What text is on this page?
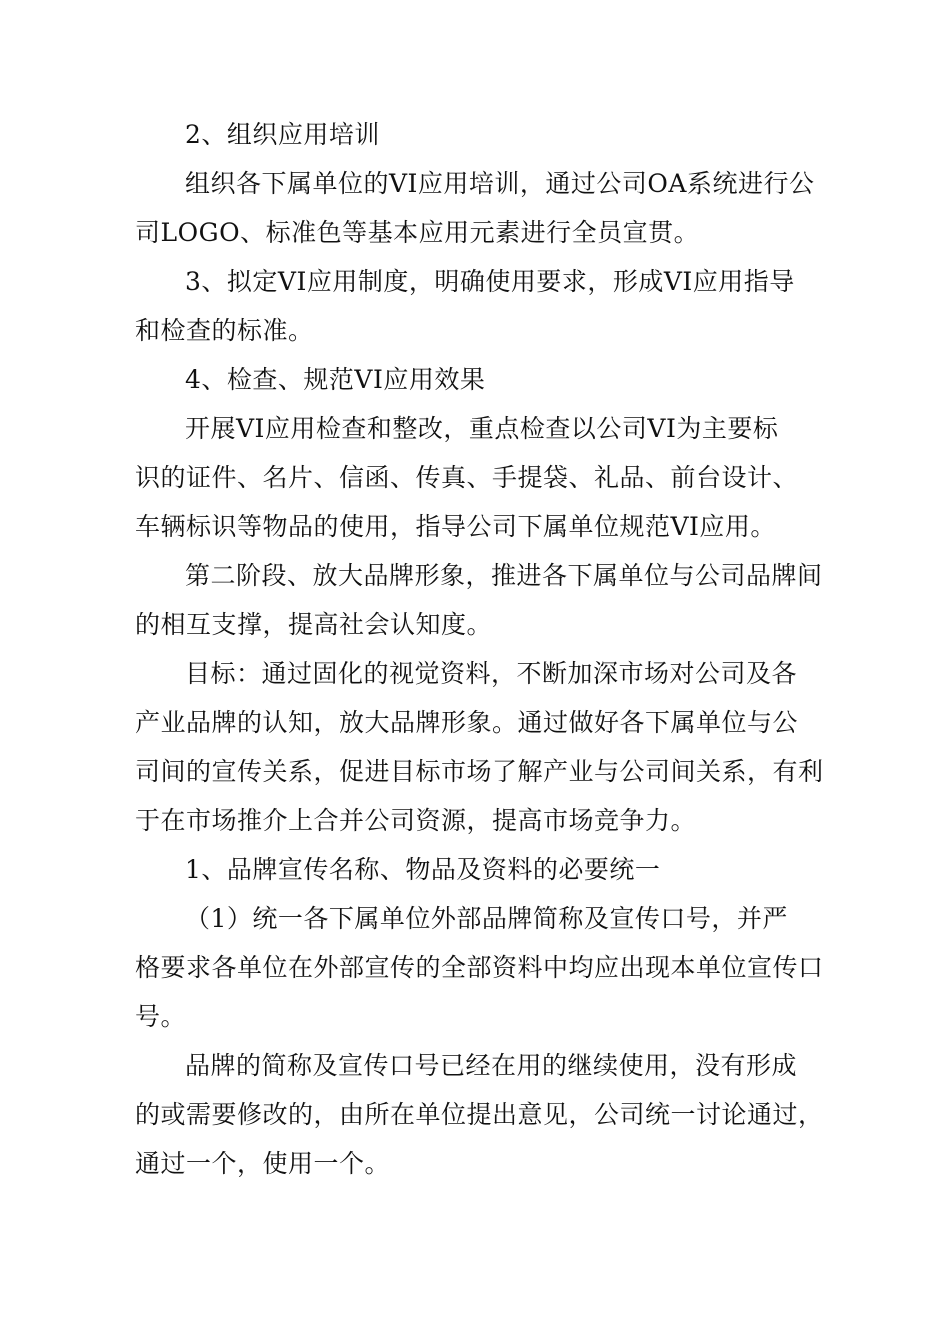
2、组织应用培训

组织各下属单位的VI应用培训，通过公司OA系统进行公
司LOGO、标准色等基本应用元素进行全员宣贯。

3、拟定VI应用制度，明确使用要求，形成VI应用指导
和检查的标准。

4、检查、规范VI应用效果

开展VI应用检查和整改，重点检查以公司VI为主要标
识的证件、名片、信函、传真、手提袋、礼品、前台设计、
车辆标识等物品的使用，指导公司下属单位规范VI应用。

第二阶段、放大品牌形象，推进各下属单位与公司品牌间
的相互支撑，提高社会认知度。

目标：通过固化的视觉资料，不断加深市场对公司及各
产业品牌的认知，放大品牌形象。通过做好各下属单位与公
司间的宣传关系，促进目标市场了解产业与公司间关系，有利
于在市场推介上合并公司资源，提高市场竞争力。

1、品牌宣传名称、物品及资料的必要统一

（1）统一各下属单位外部品牌简称及宣传口号，并严
格要求各单位在外部宣传的全部资料中均应出现本单位宣传口
号。

品牌的简称及宣传口号已经在用的继续使用，没有形成
的或需要修改的，由所在单位提出意见，公司统一讨论通过，
通过一个，使用一个。
